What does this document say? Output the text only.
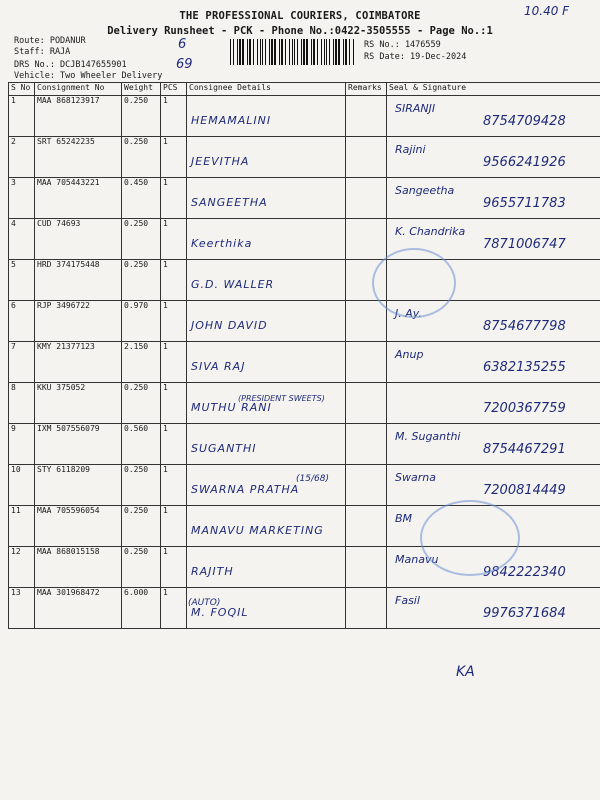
THE PROFESSIONAL COURIERS, COIMBATORE
Delivery Runsheet - PCK - Phone No.:0422-3505555 - Page No.:1
10.40 F
Route: PODANUR
Staff: RAJA
DRS No.: DCJB147655901
Vehicle: Two Wheeler Delivery
RS No.: 1476559
RS Date: 19-Dec-2024
6
69
S No	Consignment No	Weight	PCS	Consignee Details	Remarks	Seal & Signature
1	MAA 868123917	0.250	1	HEMAMALINI		SIRANJI
8754709428

2	SRT 65242235	0.250	1	JEEVITHA		Rajini
9566241926

3	MAA 705443221	0.450	1	SANGEETHA		Sangeetha
9655711783

4	CUD 74693	0.250	1	Keerthika		K. Chandrika
7871006747

5	HRD 374175448	0.250	1	G.D. WALLER		

6	RJP 3496722	0.970	1	JOHN DAVID		J. Ay.
8754677798

7	KMY 21377123	2.150	1	SIVA RAJ		Anup
6382135255

8	KKU 375052	0.250	1	MUTHU RANI		7200367759

9	IXM 507556079	0.560	1	SUGANTHI		M. Suganthi
8754467291

10	STY 6118209	0.250	1	SWARNA PRATHA		Swarna
7200814449

11	MAA 705596054	0.250	1	MANAVU MARKETING		BM

12	MAA 868015158	0.250	1	RAJITH		Manavu
9842222340

13	MAA 301968472	6.000	1	M. FOQIL		Fasil
9976371684
(PRESIDENT SWEETS)
(15/68)
(AUTO)
KA
